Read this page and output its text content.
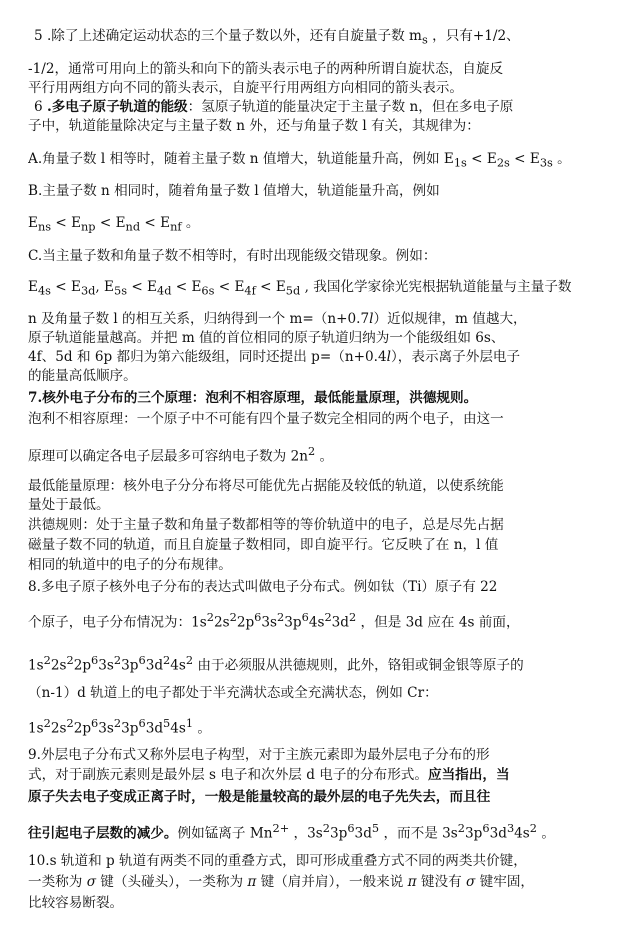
5 .除了上述确定运动状态的三个量子数以外，还有自旋量子数 $m_s$ ，只有+1/2、
-1/2，通常可用向上的箭头和向下的箭头表示电子的两种所谓自旋状态，自旋反
平行用两组方向不同的箭头表示，自旋平行用两组方向相同的箭头表示。
6 .多电子原子轨道的能级：氢原子轨道的能量决定于主量子数 n，但在多电子原
子中，轨道能量除决定与主量子数 n 外，还与角量子数 l 有关，其规律为：
A.角量子数 l 相等时，随着主量子数 n 值增大，轨道能量升高，例如 $E_{1s} < E_{2s} < E_{3s}$ 。
B.主量子数 n 相同时，随着角量子数 l 值增大，轨道能量升高，例如
$E_{ns} < E_{np} < E_{nd} < E_{nf}$ 。
C.当主量子数和角量子数不相等时，有时出现能级交错现象。例如：
$E_{4s} < E_{3d}$, $E_{5s} < E_{4d} < E_{6s} < E_{4f} < E_{5d}$ , 我国化学家徐光宪根据轨道能量与主量子数
n 及角量子数 l 的相互关系，归纳得到一个 m=（n+0.7l）近似规律，m 值越大，
原子轨道能量越高。并把 m 值的首位相同的原子轨道归纳为一个能级组如 6s、
4f、5d 和 6p 都归为第六能级组，同时还提出 p=（n+0.4l），表示离子外层电子
的能量高低顺序。
7.核外电子分布的三个原理：泡利不相容原理，最低能量原理，洪德规则。
泡利不相容原理：一个原子中不可能有四个量子数完全相同的两个电子，由这一
原理可以确定各电子层最多可容纳电子数为 $2n^2$ 。
最低能量原理：核外电子分分布将尽可能优先占据能及较低的轨道，以使系统能
量处于最低。
洪德规则：处于主量子数和角量子数都相等的等价轨道中的电子，总是尽先占据
磁量子数不同的轨道，而且自旋量子数相同，即自旋平行。它反映了在 n，l 值
相同的轨道中的电子的分布规律。
8.多电子原子核外电子分布的表达式叫做电子分布式。例如钛（Ti）原子有 22
个原子，电子分布情况为：$1s^22s^22p^63s^23p^64s^23d^2$ ，但是 3d 应在 4s 前面，
$1s^22s^22p^63s^23p^63d^24s^2$ 由于必须服从洪德规则，此外，铬钼或铜金银等原子的
（n-1）d 轨道上的电子都处于半充满状态或全充满状态，例如 Cr：
$1s^22s^22p^63s^23p^63d^54s^1$ 。
9.外层电子分布式又称外层电子构型，对于主族元素即为最外层电子分布的形
式，对于副族元素则是最外层 s 电子和次外层 d 电子的分布形式。应当指出，当
原子失去电子变成正离子时，一般是能量较高的最外层的电子先失去，而且往
往引起电子层数的减少。例如锰离子 $Mn^{2+}$ ，$3s^23p^63d^5$ ，而不是 $3s^23p^63d^34s^2$ 。
10.s 轨道和 p 轨道有两类不同的重叠方式，即可形成重叠方式不同的两类共价键，
一类称为 σ 键（头碰头），一类称为 π 键（肩并肩），一般来说 π 键没有 σ 键牢固，
比较容易断裂。
